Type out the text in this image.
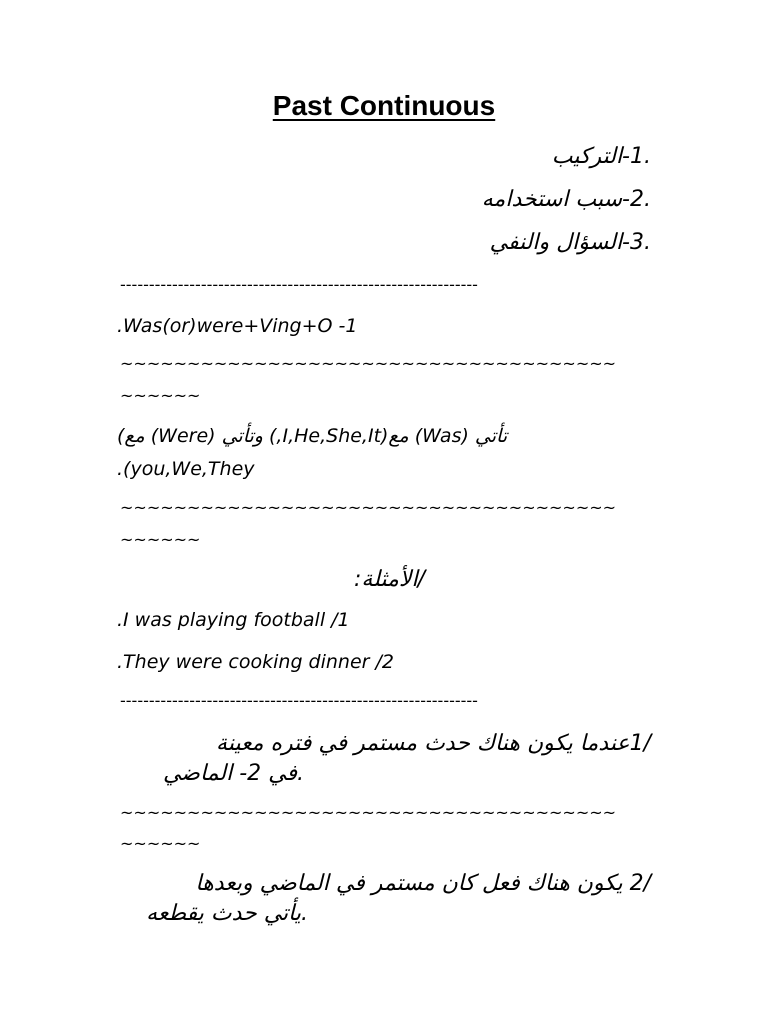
Past Continuous
.1-التركيب
.2-سبب استخدامه
.3-السؤال والنفي
--------------------------------------------------------------
.Was(or)were+Ving+O -1
~~~~~~~~~~~~~~~~~~~~~~~~~~~~~~~~~~~~~
~~~~~~
تأتي (Was) مع(I,He,She,It,) وتأتي (Were) مع)
.(you,We,They
~~~~~~~~~~~~~~~~~~~~~~~~~~~~~~~~~~~~~
~~~~~~
/الأمثلة:
.I was playing football /1
.They were cooking dinner /2
--------------------------------------------------------------
/1عندما يكون هناك حدث مستمر في فتره معينة
.في 2- الماضي
~~~~~~~~~~~~~~~~~~~~~~~~~~~~~~~~~~~~~
~~~~~~
/2 يكون هناك فعل كان مستمر في الماضي وبعدها
.يأتي حدث يقطعه
